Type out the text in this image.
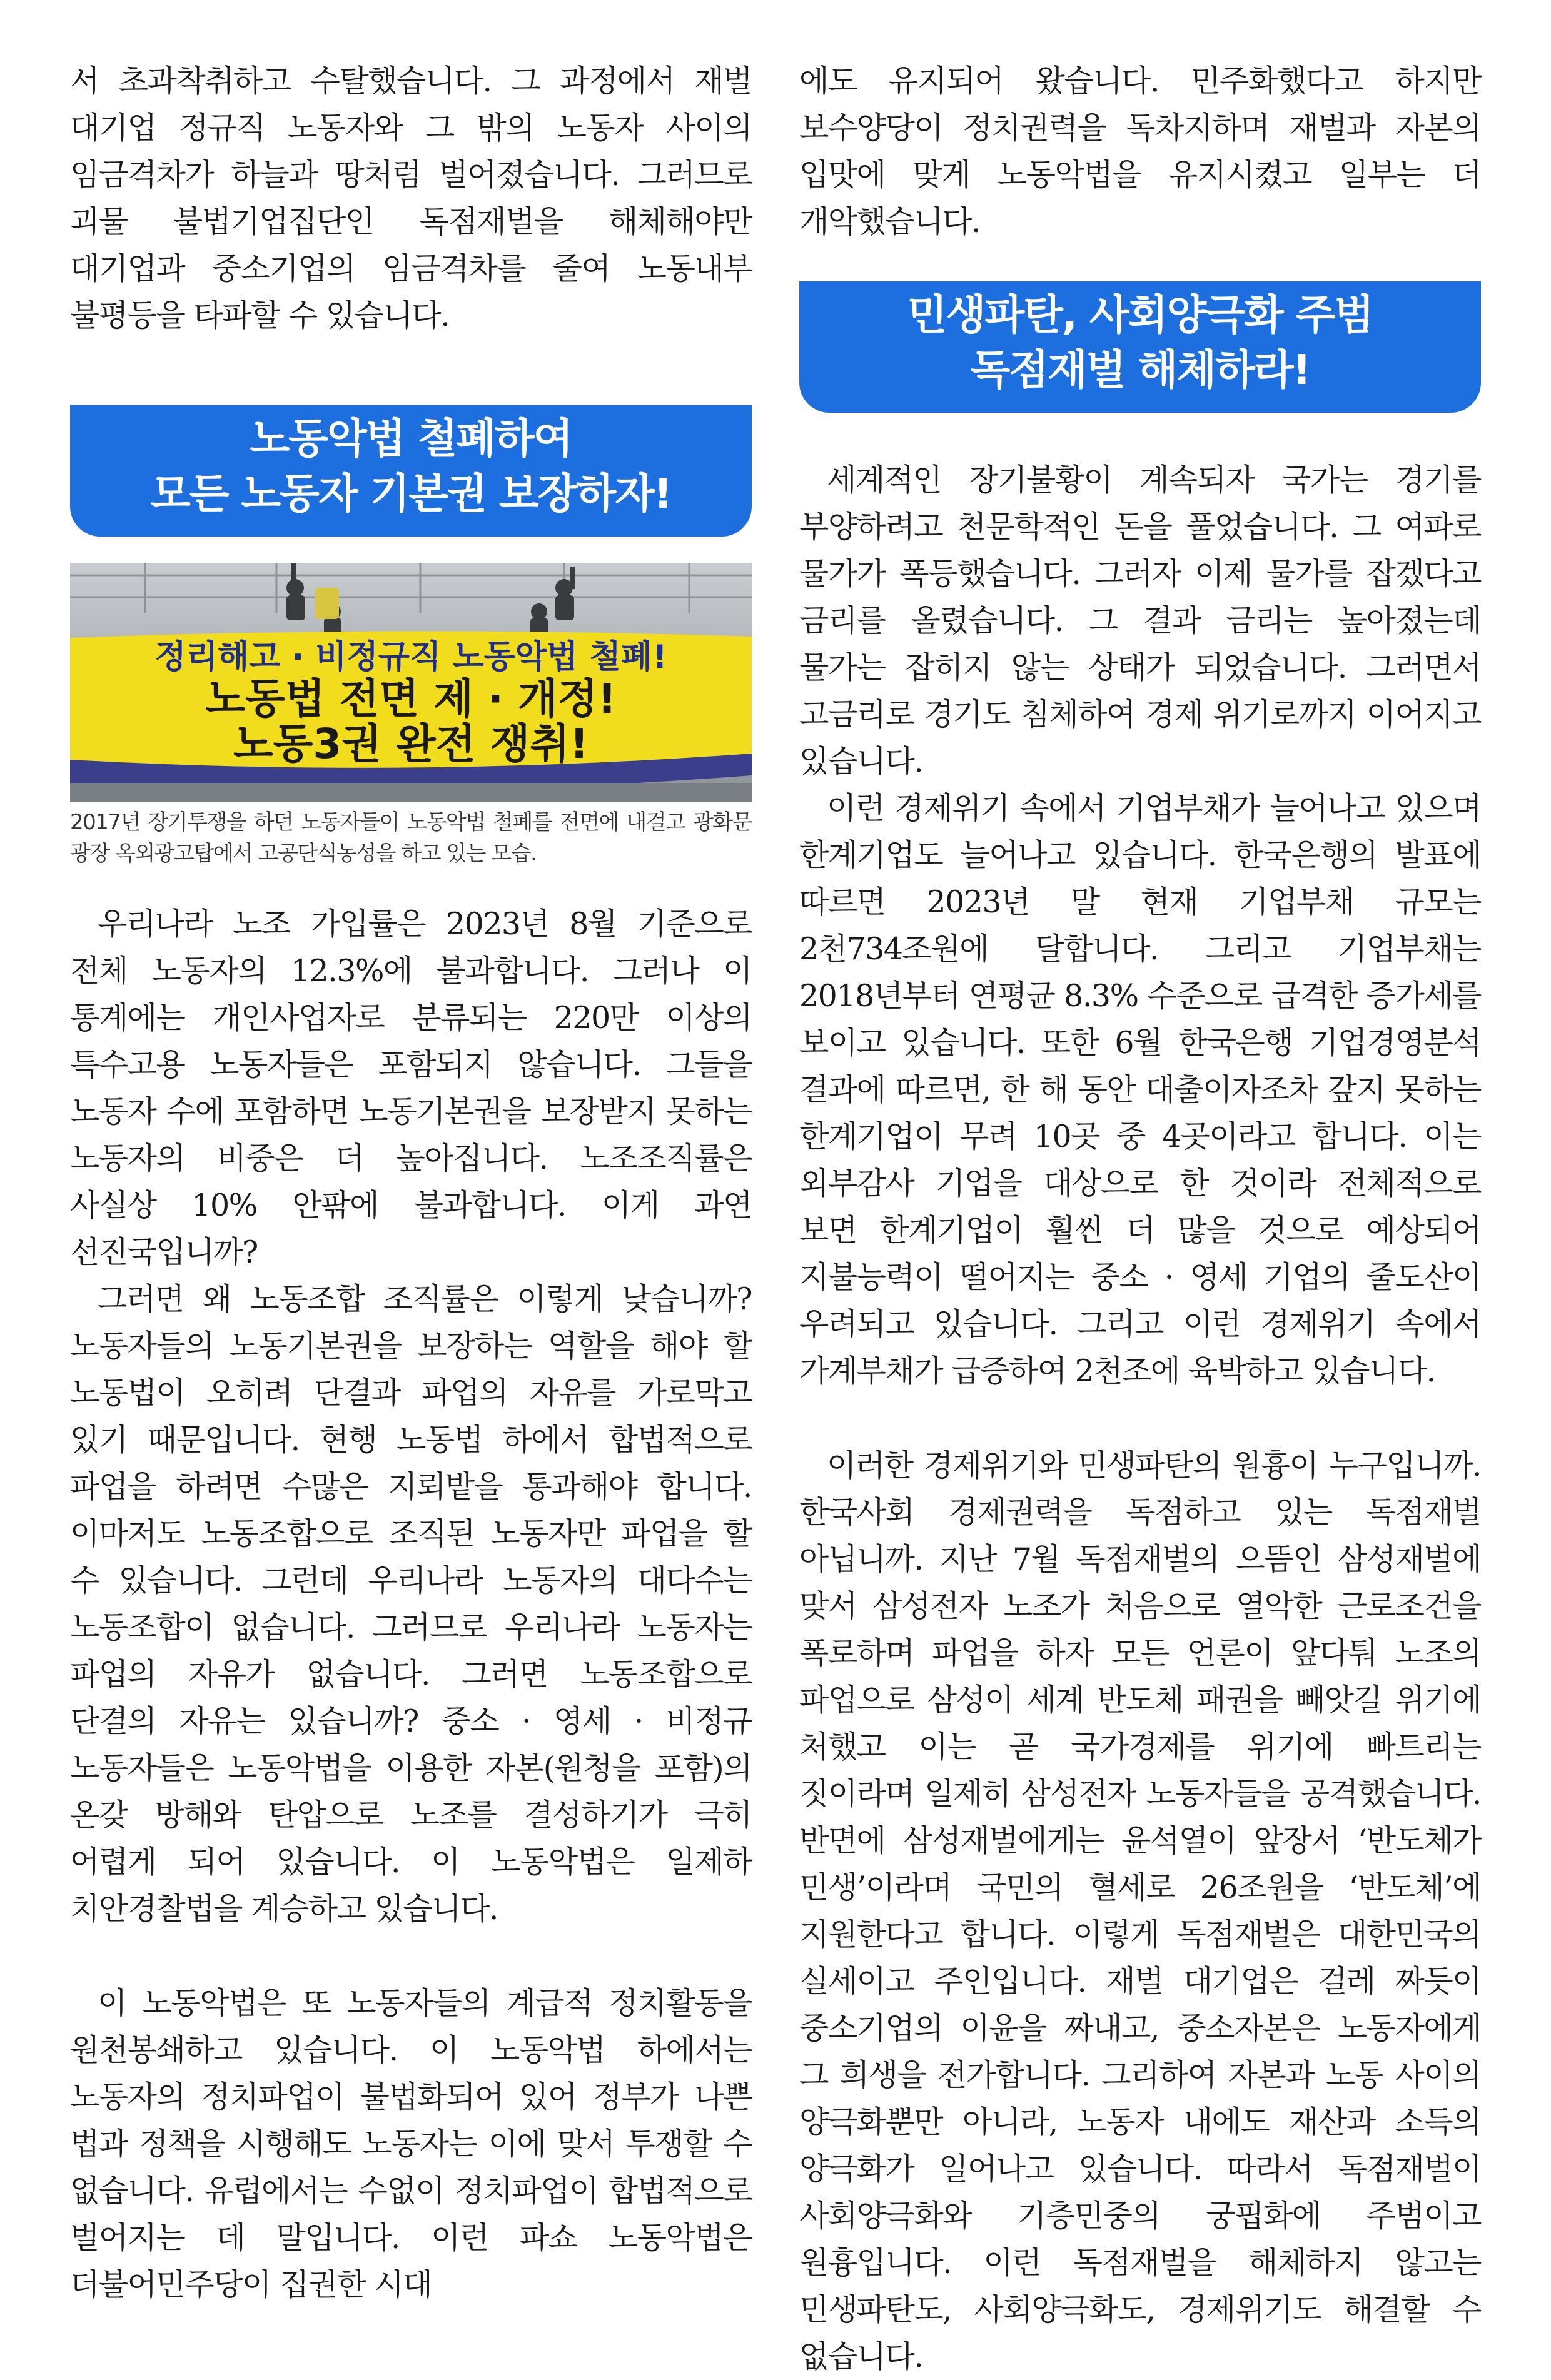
서 초과착취하고 수탈했습니다. 그 과정에서 재벌 대기업 정규직 노동자와 그 밖의 노동자 사이의 임금격차가 하늘과 땅처럼 벌어졌습니다. 그러므로 괴물 불법기업집단인 독점재벌을 해체해야만 대기업과 중소기업의 임금격차를 줄여 노동내부 불평등을 타파할 수 있습니다.

노동악법 철폐하여
모든 노동자 기본권 보장하자!
정리해고 · 비정규직 노동악법 철폐!
노동법 전면 제 · 개정!
노동3권 완전 쟁취!

2017년 장기투쟁을 하던 노동자들이 노동악법 철폐를 전면에 내걸고 광화문 광장 옥외광고탑에서 고공단식농성을 하고 있는 모습.

우리나라 노조 가입률은 2023년 8월 기준으로 전체 노동자의 12.3%에 불과합니다. 그러나 이 통계에는 개인사업자로 분류되는 220만 이상의 특수고용 노동자들은 포함되지 않습니다. 그들을 노동자 수에 포함하면 노동기본권을 보장받지 못하는 노동자의 비중은 더 높아집니다. 노조조직률은 사실상 10% 안팎에 불과합니다. 이게 과연 선진국입니까?

그러면 왜 노동조합 조직률은 이렇게 낮습니까? 노동자들의 노동기본권을 보장하는 역할을 해야 할 노동법이 오히려 단결과 파업의 자유를 가로막고 있기 때문입니다. 현행 노동법 하에서 합법적으로 파업을 하려면 수많은 지뢰밭을 통과해야 합니다. 이마저도 노동조합으로 조직된 노동자만 파업을 할 수 있습니다. 그런데 우리나라 노동자의 대다수는 노동조합이 없습니다. 그러므로 우리나라 노동자는 파업의 자유가 없습니다. 그러면 노동조합으로 단결의 자유는 있습니까? 중소 · 영세 · 비정규 노동자들은 노동악법을 이용한 자본(원청을 포함)의 온갖 방해와 탄압으로 노조를 결성하기가 극히 어렵게 되어 있습니다. 이 노동악법은 일제하 치안경찰법을 계승하고 있습니다.

이 노동악법은 또 노동자들의 계급적 정치활동을 원천봉쇄하고 있습니다. 이 노동악법 하에서는 노동자의 정치파업이 불법화되어 있어 정부가 나쁜 법과 정책을 시행해도 노동자는 이에 맞서 투쟁할 수 없습니다. 유럽에서는 수없이 정치파업이 합법적으로 벌어지는 데 말입니다. 이런 파쇼 노동악법은 더불어민주당이 집권한 시대

에도 유지되어 왔습니다. 민주화했다고 하지만 보수양당이 정치권력을 독차지하며 재벌과 자본의 입맛에 맞게 노동악법을 유지시켰고 일부는 더 개악했습니다.

민생파탄, 사회양극화 주범
독점재벌 해체하라!

세계적인 장기불황이 계속되자 국가는 경기를 부양하려고 천문학적인 돈을 풀었습니다. 그 여파로 물가가 폭등했습니다. 그러자 이제 물가를 잡겠다고 금리를 올렸습니다. 그 결과 금리는 높아졌는데 물가는 잡히지 않는 상태가 되었습니다. 그러면서 고금리로 경기도 침체하여 경제 위기로까지 이어지고 있습니다.

이런 경제위기 속에서 기업부채가 늘어나고 있으며 한계기업도 늘어나고 있습니다. 한국은행의 발표에 따르면 2023년 말 현재 기업부채 규모는 2천734조원에 달합니다. 그리고 기업부채는 2018년부터 연평균 8.3% 수준으로 급격한 증가세를 보이고 있습니다. 또한 6월 한국은행 기업경영분석 결과에 따르면, 한 해 동안 대출이자조차 갚지 못하는 한계기업이 무려 10곳 중 4곳이라고 합니다. 이는 외부감사 기업을 대상으로 한 것이라 전체적으로 보면 한계기업이 훨씬 더 많을 것으로 예상되어 지불능력이 떨어지는 중소 · 영세 기업의 줄도산이 우려되고 있습니다. 그리고 이런 경제위기 속에서 가계부채가 급증하여 2천조에 육박하고 있습니다.

이러한 경제위기와 민생파탄의 원흉이 누구입니까. 한국사회 경제권력을 독점하고 있는 독점재벌 아닙니까. 지난 7월 독점재벌의 으뜸인 삼성재벌에 맞서 삼성전자 노조가 처음으로 열악한 근로조건을 폭로하며 파업을 하자 모든 언론이 앞다퉈 노조의 파업으로 삼성이 세계 반도체 패권을 빼앗길 위기에 처했고 이는 곧 국가경제를 위기에 빠트리는 짓이라며 일제히 삼성전자 노동자들을 공격했습니다. 반면에 삼성재벌에게는 윤석열이 앞장서 ‘반도체가 민생’이라며 국민의 혈세로 26조원을 ‘반도체’에 지원한다고 합니다. 이렇게 독점재벌은 대한민국의 실세이고 주인입니다. 재벌 대기업은 걸레 짜듯이 중소기업의 이윤을 짜내고, 중소자본은 노동자에게 그 희생을 전가합니다. 그리하여 자본과 노동 사이의 양극화뿐만 아니라, 노동자 내에도 재산과 소득의 양극화가 일어나고 있습니다. 따라서 독점재벌이 사회양극화와 기층민중의 궁핍화에 주범이고 원흉입니다. 이런 독점재벌을 해체하지 않고는 민생파탄도, 사회양극화도, 경제위기도 해결할 수 없습니다.
